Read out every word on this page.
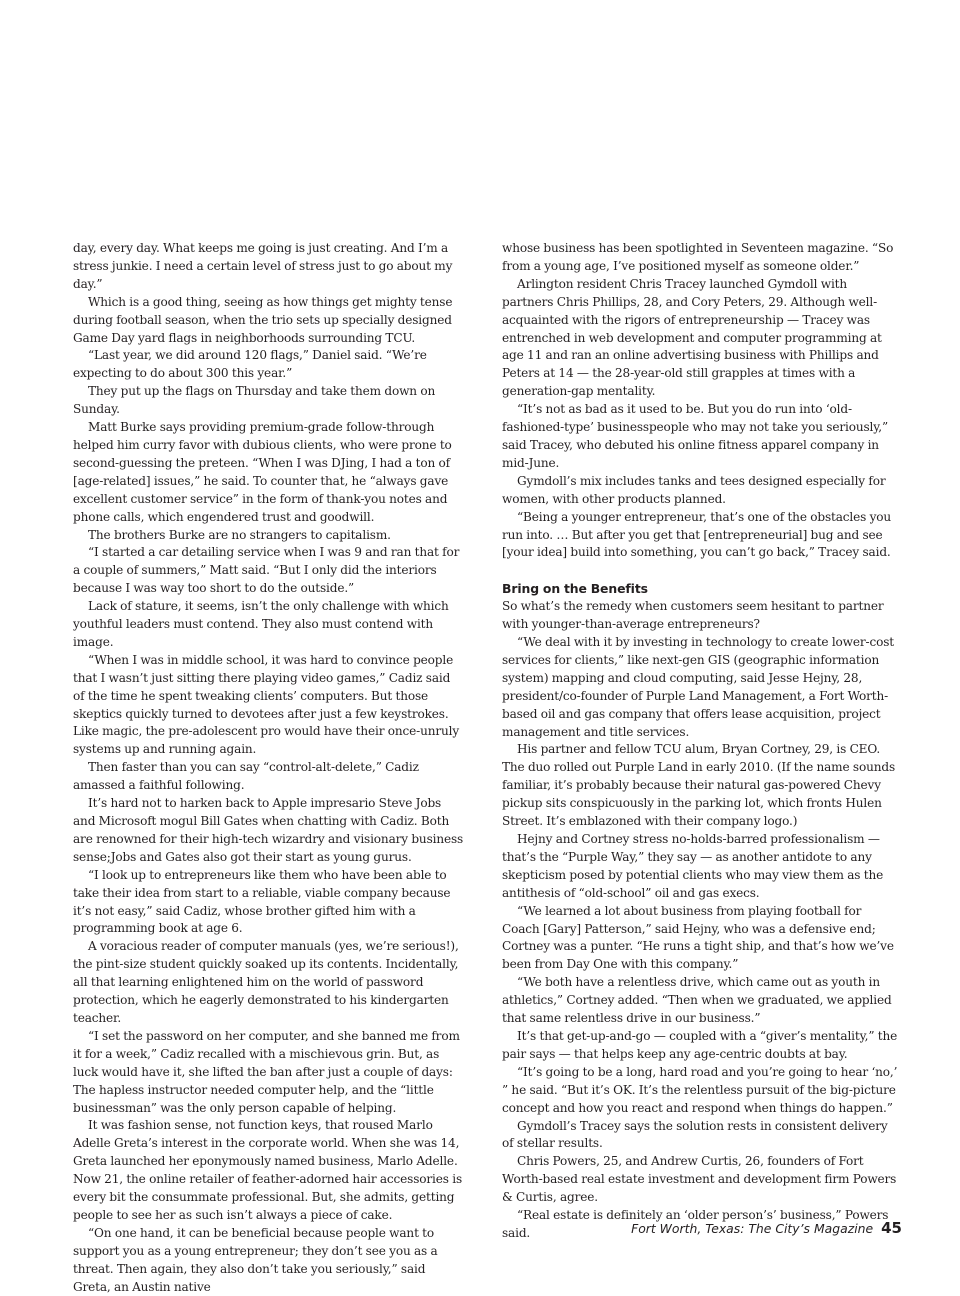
day, every day. What keeps me going is just creating. And I’m a stress junkie. I need a certain level of stress just to go about my day.”

Which is a good thing, seeing as how things get mighty tense during football season, when the trio sets up specially designed Game Day yard flags in neighborhoods surrounding TCU.

“Last year, we did around 120 flags,” Daniel said. “We’re expecting to do about 300 this year.”

They put up the flags on Thursday and take them down on Sunday.

Matt Burke says providing premium-grade follow-through helped him curry favor with dubious clients, who were prone to second-guessing the preteen. “When I was DJing, I had a ton of [age-related] issues,” he said. To counter that, he “always gave excellent customer service” in the form of thank-you notes and phone calls, which engendered trust and goodwill.

The brothers Burke are no strangers to capitalism.

“I started a car detailing service when I was 9 and ran that for a couple of summers,” Matt said. “But I only did the interiors because I was way too short to do the outside.”

Lack of stature, it seems, isn’t the only challenge with which youthful leaders must contend. They also must contend with image.

“When I was in middle school, it was hard to convince people that I wasn’t just sitting there playing video games,” Cadiz said of the time he spent tweaking clients’ computers. But those skeptics quickly turned to devotees after just a few keystrokes. Like magic, the pre-adolescent pro would have their once-unruly systems up and running again.

Then faster than you can say “control-alt-delete,” Cadiz amassed a faithful following.

It’s hard not to harken back to Apple impresario Steve Jobs and Microsoft mogul Bill Gates when chatting with Cadiz. Both are renowned for their high-tech wizardry and visionary business sense;Jobs and Gates also got their start as young gurus.

“I look up to entrepreneurs like them who have been able to take their idea from start to a reliable, viable company because it’s not easy,” said Cadiz, whose brother gifted him with a programming book at age 6.

A voracious reader of computer manuals (yes, we’re serious!), the pint-size student quickly soaked up its contents. Incidentally, all that learning enlightened him on the world of password protection, which he eagerly demonstrated to his kindergarten teacher.

“I set the password on her computer, and she banned me from it for a week,” Cadiz recalled with a mischievous grin. But, as luck would have it, she lifted the ban after just a couple of days: The hapless instructor needed computer help, and the “little businessman” was the only person capable of helping.

It was fashion sense, not function keys, that roused Marlo Adelle Greta’s interest in the corporate world. When she was 14, Greta launched her eponymously named business, Marlo Adelle. Now 21, the online retailer of feather-adorned hair accessories is every bit the consummate professional. But, she admits, getting people to see her as such isn’t always a piece of cake.

“On one hand, it can be beneficial because people want to support you as a young entrepreneur; they don’t see you as a threat. Then again, they also don’t take you seriously,” said Greta, an Austin native

whose business has been spotlighted in Seventeen magazine. “So from a young age, I’ve positioned myself as someone older.”

Arlington resident Chris Tracey launched Gymdoll with partners Chris Phillips, 28, and Cory Peters, 29. Although well-acquainted with the rigors of entrepreneurship — Tracey was entrenched in web development and computer programming at age 11 and ran an online advertising business with Phillips and Peters at 14 — the 28-year-old still grapples at times with a generation-gap mentality.

“It’s not as bad as it used to be. But you do run into ‘old-fashioned-type’ businesspeople who may not take you seriously,” said Tracey, who debuted his online fitness apparel company in mid-June.

Gymdoll’s mix includes tanks and tees designed especially for women, with other products planned.

“Being a younger entrepreneur, that’s one of the obstacles you run into. … But after you get that [entrepreneurial] bug and see [your idea] build into something, you can’t go back,” Tracey said.

Bring on the Benefits

So what’s the remedy when customers seem hesitant to partner with younger-than-average entrepreneurs?

“We deal with it by investing in technology to create lower-cost services for clients,” like next-gen GIS (geographic information system) mapping and cloud computing, said Jesse Hejny, 28, president/co-founder of Purple Land Management, a Fort Worth-based oil and gas company that offers lease acquisition, project management and title services.

His partner and fellow TCU alum, Bryan Cortney, 29, is CEO. The duo rolled out Purple Land in early 2010. (If the name sounds familiar, it’s probably because their natural gas-powered Chevy pickup sits conspicuously in the parking lot, which fronts Hulen Street. It’s emblazoned with their company logo.)

Hejny and Cortney stress no-holds-barred professionalism — that’s the “Purple Way,” they say — as another antidote to any skepticism posed by potential clients who may view them as the antithesis of “old-school” oil and gas execs.

“We learned a lot about business from playing football for Coach [Gary] Patterson,” said Hejny, who was a defensive end; Cortney was a punter. “He runs a tight ship, and that’s how we’ve been from Day One with this company.”

“We both have a relentless drive, which came out as youth in athletics,” Cortney added. “Then when we graduated, we applied that same relentless drive in our business.”

It’s that get-up-and-go — coupled with a “giver’s mentality,” the pair says — that helps keep any age-centric doubts at bay.

“It’s going to be a long, hard road and you’re going to hear ‘no,’ ” he said. “But it’s OK. It’s the relentless pursuit of the big-picture concept and how you react and respond when things do happen.”

Gymdoll’s Tracey says the solution rests in consistent delivery of stellar results.

Chris Powers, 25, and Andrew Curtis, 26, founders of Fort Worth-based real estate investment and development firm Powers & Curtis, agree.

“Real estate is definitely an ‘older person’s’ business,” Powers said.	Fort Worth, Texas: The City’s Magazine 45
